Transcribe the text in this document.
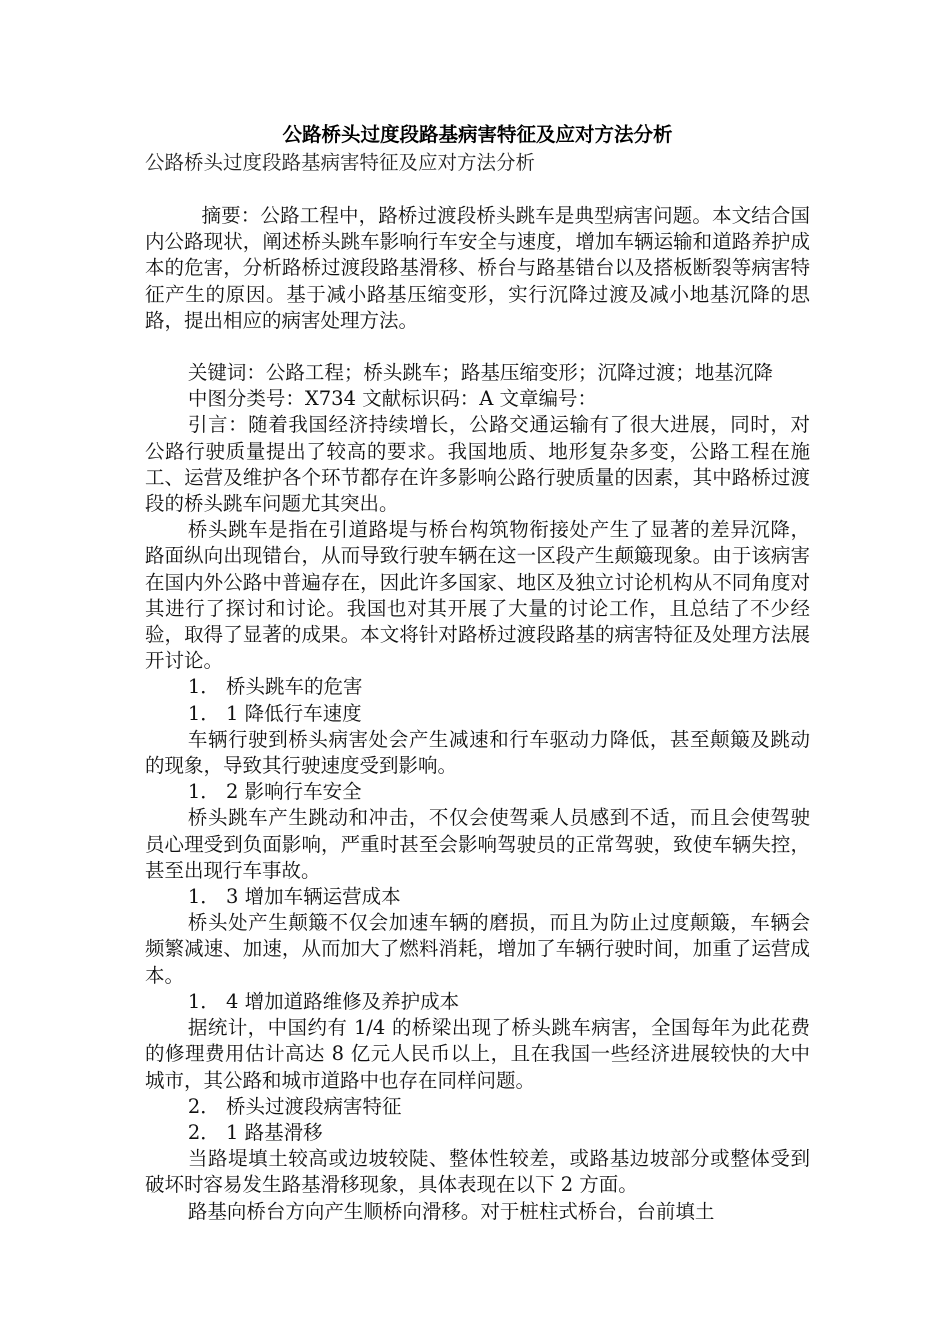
公路桥头过度段路基病害特征及应对方法分析

公路桥头过度段路基病害特征及应对方法分析

摘要：公路工程中，路桥过渡段桥头跳车是典型病害问题。本文结合国内公路现状，阐述桥头跳车影响行车安全与速度，增加车辆运输和道路养护成本的危害，分析路桥过渡段路基滑移、桥台与路基错台以及搭板断裂等病害特征产生的原因。基于减小路基压缩变形，实行沉降过渡及减小地基沉降的思路，提出相应的病害处理方法。

关键词：公路工程；桥头跳车；路基压缩变形；沉降过渡；地基沉降

中图分类号：X734 文献标识码：A 文章编号：

引言：随着我国经济持续增长，公路交通运输有了很大进展，同时，对公路行驶质量提出了较高的要求。我国地质、地形复杂多变，公路工程在施工、运营及维护各个环节都存在许多影响公路行驶质量的因素，其中路桥过渡段的桥头跳车问题尤其突出。

桥头跳车是指在引道路堤与桥台构筑物衔接处产生了显著的差异沉降，路面纵向出现错台，从而导致行驶车辆在这一区段产生颠簸现象。由于该病害在国内外公路中普遍存在，因此许多国家、地区及独立讨论机构从不同角度对其进行了探讨和讨论。我国也对其开展了大量的讨论工作，且总结了不少经验，取得了显著的成果。本文将针对路桥过渡段路基的病害特征及处理方法展开讨论。

1． 桥头跳车的危害

1． 1 降低行车速度

车辆行驶到桥头病害处会产生减速和行车驱动力降低，甚至颠簸及跳动的现象，导致其行驶速度受到影响。

1． 2 影响行车安全

桥头跳车产生跳动和冲击，不仅会使驾乘人员感到不适，而且会使驾驶员心理受到负面影响，严重时甚至会影响驾驶员的正常驾驶，致使车辆失控，甚至出现行车事故。

1． 3 增加车辆运营成本

桥头处产生颠簸不仅会加速车辆的磨损，而且为防止过度颠簸，车辆会频繁减速、加速，从而加大了燃料消耗，增加了车辆行驶时间，加重了运营成本。

1． 4 增加道路维修及养护成本

据统计，中国约有 1/4 的桥梁出现了桥头跳车病害，全国每年为此花费的修理费用估计高达 8 亿元人民币以上，且在我国一些经济进展较快的大中城市，其公路和城市道路中也存在同样问题。

2． 桥头过渡段病害特征

2． 1 路基滑移

当路堤填土较高或边坡较陡、整体性较差，或路基边坡部分或整体受到破坏时容易发生路基滑移现象，具体表现在以下 2 方面。

路基向桥台方向产生顺桥向滑移。对于桩柱式桥台，台前填土
